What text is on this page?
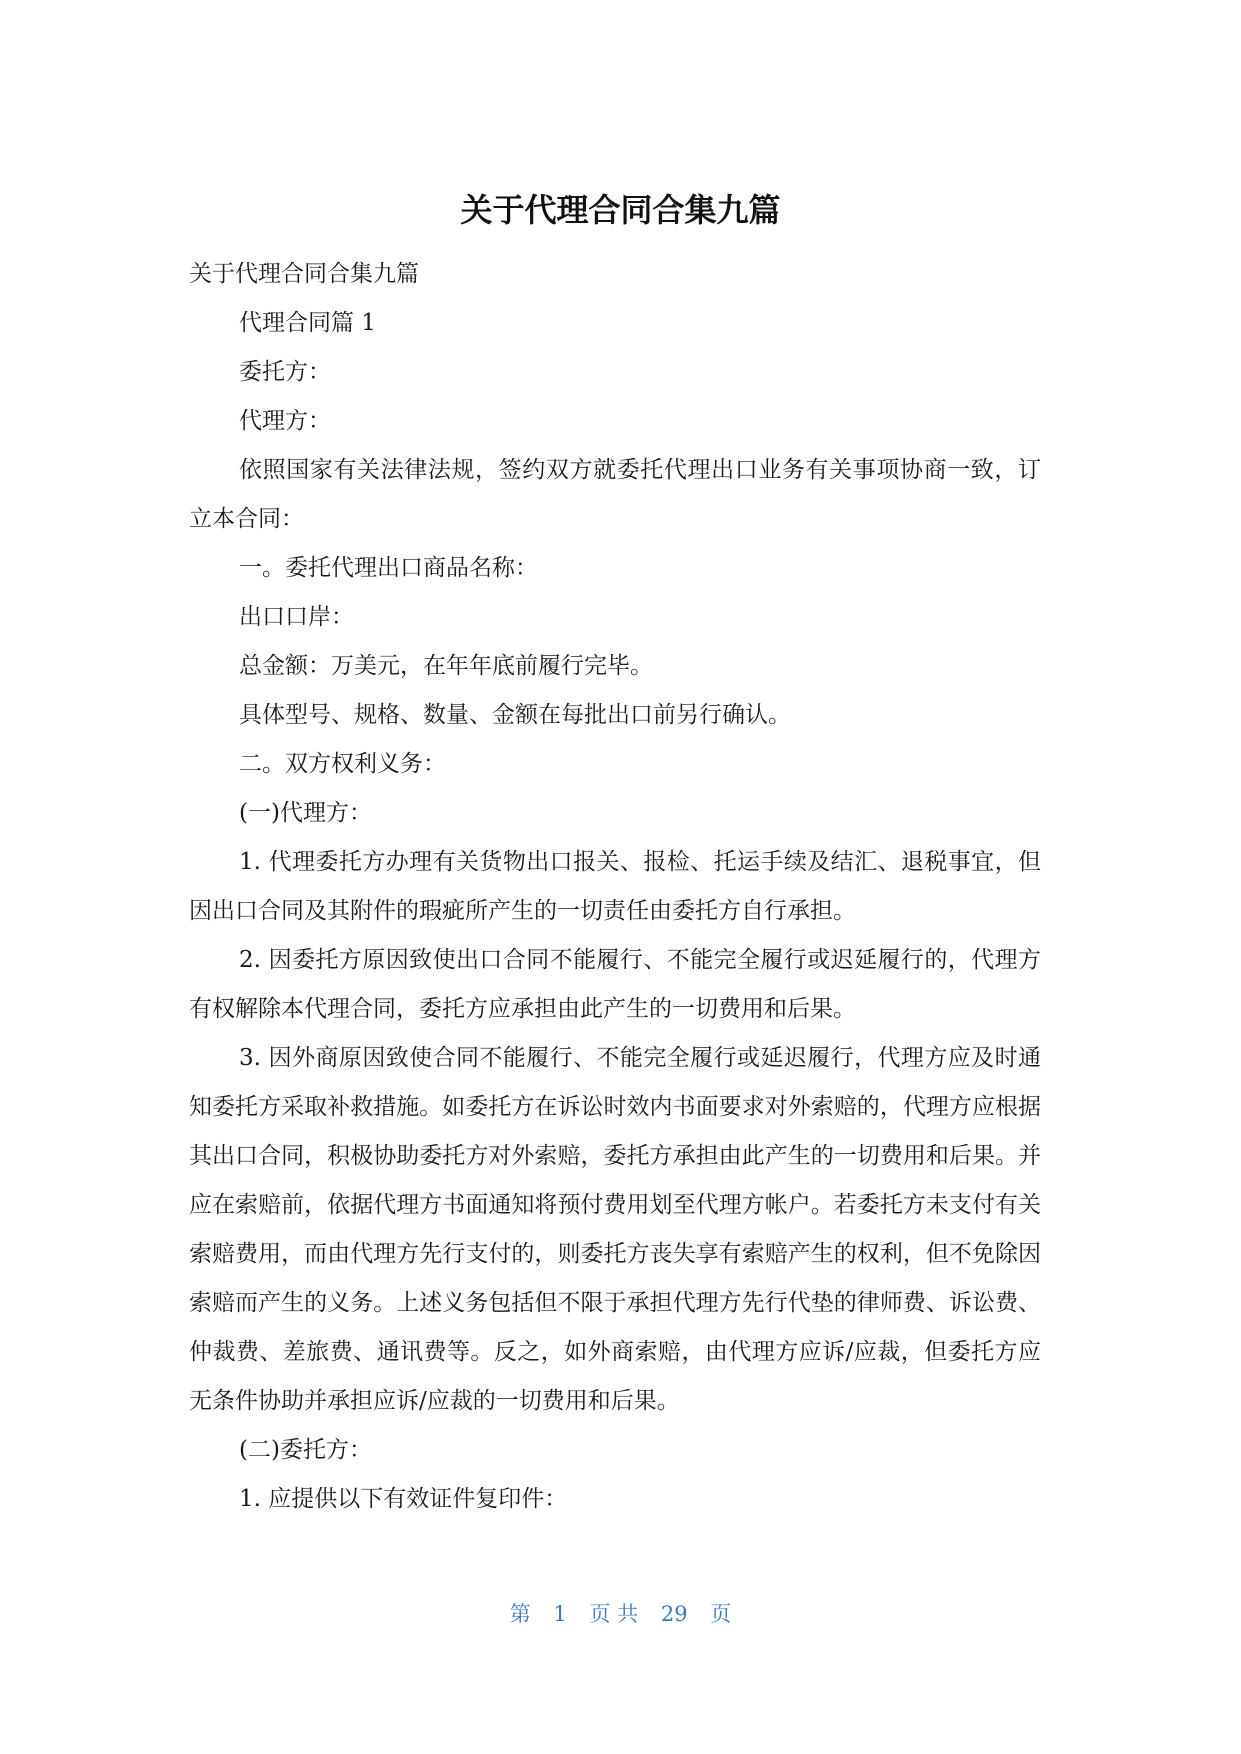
关于代理合同合集九篇

关于代理合同合集九篇

代理合同篇 1

委托方：

代理方：

依照国家有关法律法规，签约双方就委托代理出口业务有关事项协商一致，订立本合同：

一。委托代理出口商品名称：

出口口岸：

总金额：万美元，在年年底前履行完毕。

具体型号、规格、数量、金额在每批出口前另行确认。

二。双方权利义务：

(一)代理方：

1. 代理委托方办理有关货物出口报关、报检、托运手续及结汇、退税事宜，但因出口合同及其附件的瑕疵所产生的一切责任由委托方自行承担。

2. 因委托方原因致使出口合同不能履行、不能完全履行或迟延履行的，代理方有权解除本代理合同，委托方应承担由此产生的一切费用和后果。

3. 因外商原因致使合同不能履行、不能完全履行或延迟履行，代理方应及时通知委托方采取补救措施。如委托方在诉讼时效内书面要求对外索赔的，代理方应根据其出口合同，积极协助委托方对外索赔，委托方承担由此产生的一切费用和后果。并应在索赔前，依据代理方书面通知将预付费用划至代理方帐户。若委托方未支付有关索赔费用，而由代理方先行支付的，则委托方丧失享有索赔产生的权利，但不免除因索赔而产生的义务。上述义务包括但不限于承担代理方先行代垫的律师费、诉讼费、仲裁费、差旅费、通讯费等。反之，如外商索赔，由代理方应诉/应裁，但委托方应无条件协助并承担应诉/应裁的一切费用和后果。

(二)委托方：

1. 应提供以下有效证件复印件：

第 1 页 共 29 页
